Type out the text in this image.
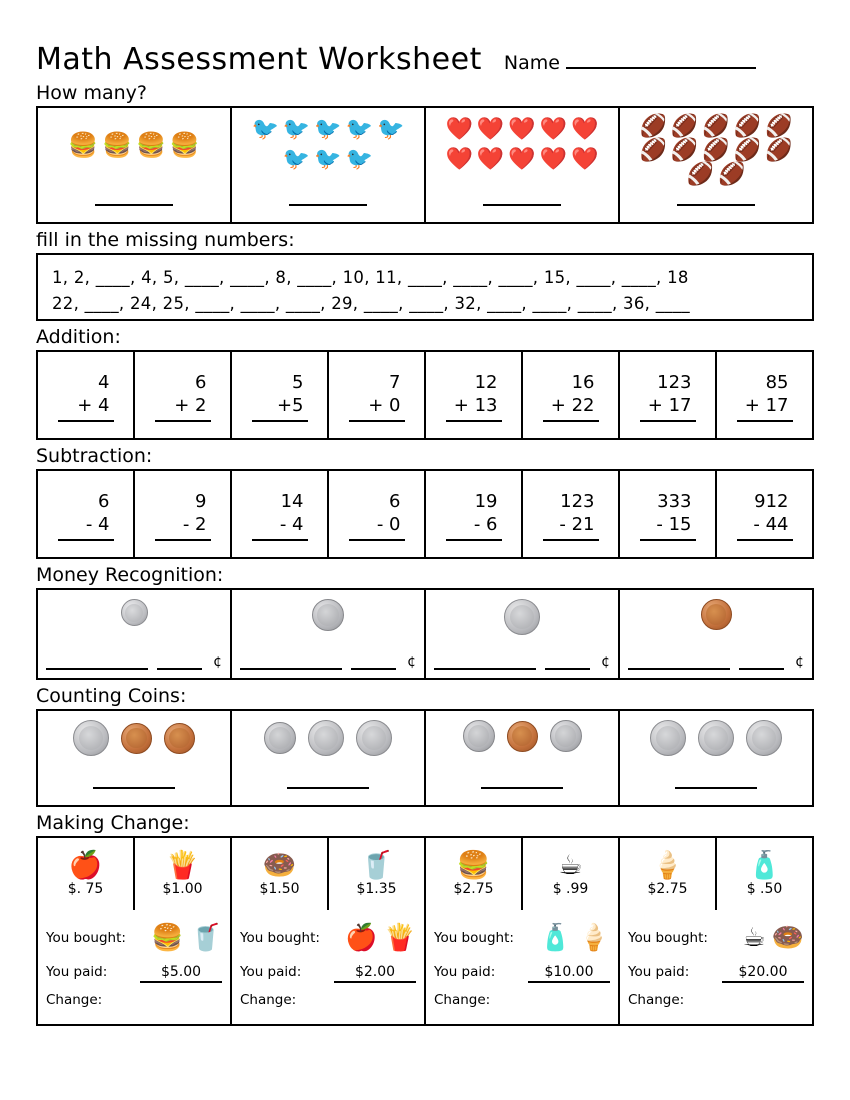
Math Assessment Worksheet Name
How many?
🍔 🍔 🍔 🍔
🐦 🐦 🐦 🐦 🐦
🐦 🐦 🐦
❤️ ❤️ ❤️ ❤️ ❤️
❤️ ❤️ ❤️ ❤️ ❤️
🏈 🏈 🏈 🏈 🏈
🏈 🏈 🏈 🏈 🏈
🏈 🏈
fill in the missing numbers:
1, 2, ____, 4, 5, ____, ____, 8, ____, 10, 11, ____, ____, ____, 15, ____, ____, 18
22, ____, 24, 25, ____, ____, ____, 29, ____, ____, 32, ____, ____, ____, 36, ____
Addition:
4
+ 4
6
+ 2
5
+5
7
+ 0
12
+ 13
16
+ 22
123
+ 17
85
+ 17
Subtraction:
6
- 4
9
- 2
14
- 4
6
- 0
19
- 6
123
- 21
333
- 15
912
- 44
Money Recognition:
¢	¢	¢	¢
Counting Coins:
Making Change:
🍎
$. 75
🍟
$1.00
🍩
$1.50
🥤
$1.35
🍔
$2.75
☕
$ .99
🍦
$2.75
🧴
$ .50
You bought: 🍔 🥤
You paid:	$5.00
Change:
You bought: 🍎 🍟
You paid:	$2.00
Change:
You bought: 🧴 🍦
You paid:	$10.00
Change:
You bought: ☕ 🍩
You paid:	$20.00
Change:
